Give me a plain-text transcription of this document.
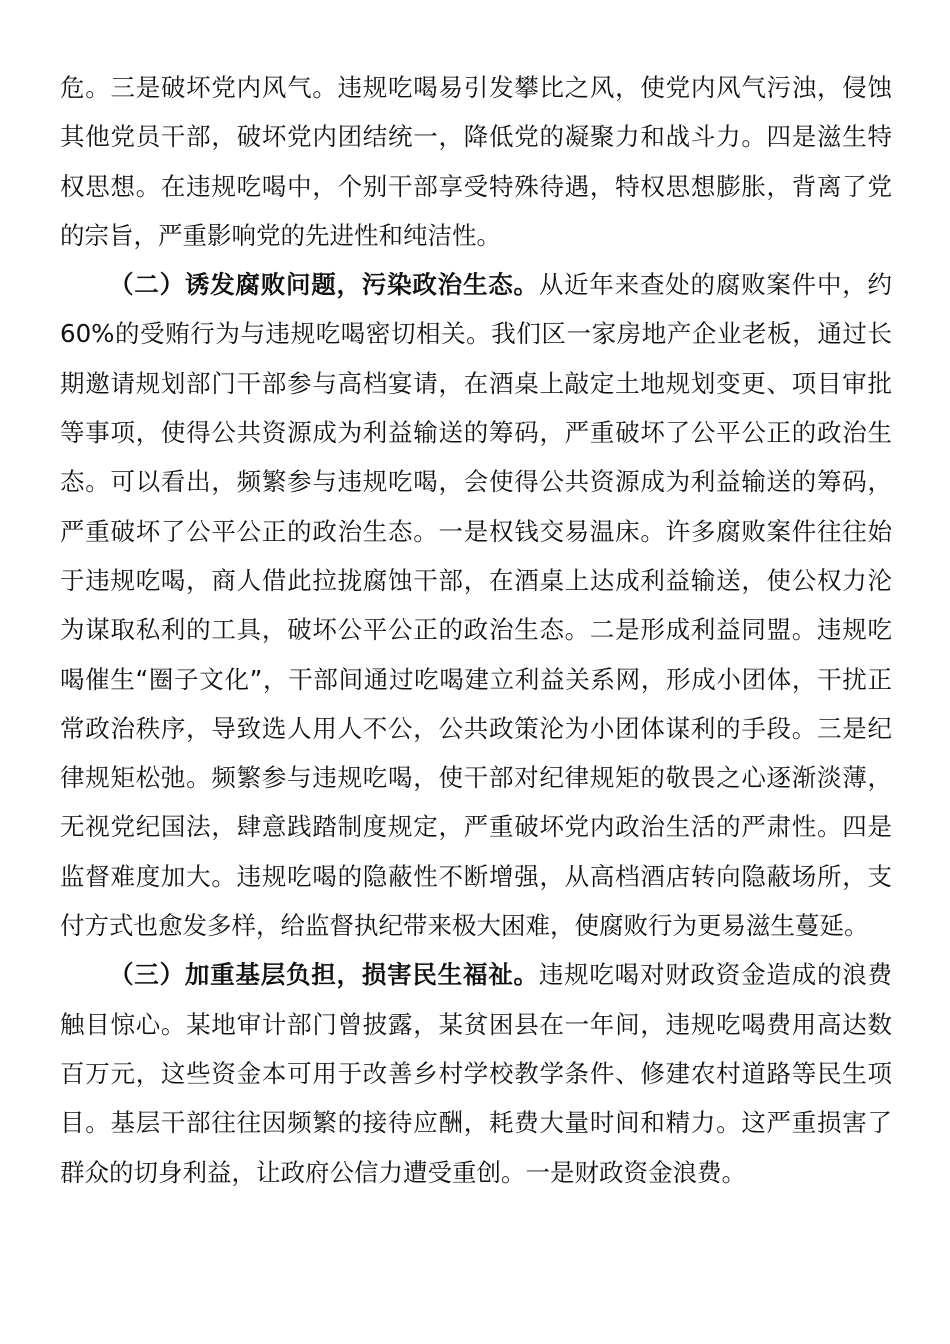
危。三是破坏党内风气。违规吃喝易引发攀比之风，使党内风气污浊，侵蚀其他党员干部，破坏党内团结统一，降低党的凝聚力和战斗力。四是滋生特权思想。在违规吃喝中，个别干部享受特殊待遇，特权思想膨胀，背离了党的宗旨，严重影响党的先进性和纯洁性。

（二）诱发腐败问题，污染政治生态。从近年来查处的腐败案件中，约 60%的受贿行为与违规吃喝密切相关。我们区一家房地产企业老板，通过长期邀请规划部门干部参与高档宴请，在酒桌上敲定土地规划变更、项目审批等事项，使得公共资源成为利益输送的筹码，严重破坏了公平公正的政治生态。可以看出，频繁参与违规吃喝，会使得公共资源成为利益输送的筹码，严重破坏了公平公正的政治生态。一是权钱交易温床。许多腐败案件往往始于违规吃喝，商人借此拉拢腐蚀干部，在酒桌上达成利益输送，使公权力沦为谋取私利的工具，破坏公平公正的政治生态。二是形成利益同盟。违规吃喝催生“圈子文化”，干部间通过吃喝建立利益关系网，形成小团体，干扰正常政治秩序，导致选人用人不公，公共政策沦为小团体谋利的手段。三是纪律规矩松弛。频繁参与违规吃喝，使干部对纪律规矩的敬畏之心逐渐淡薄，无视党纪国法，肆意践踏制度规定，严重破坏党内政治生活的严肃性。四是监督难度加大。违规吃喝的隐蔽性不断增强，从高档酒店转向隐蔽场所，支付方式也愈发多样，给监督执纪带来极大困难，使腐败行为更易滋生蔓延。

（三）加重基层负担，损害民生福祉。违规吃喝对财政资金造成的浪费触目惊心。某地审计部门曾披露，某贫困县在一年间，违规吃喝费用高达数百万元，这些资金本可用于改善乡村学校教学条件、修建农村道路等民生项目。基层干部往往因频繁的接待应酬，耗费大量时间和精力。这严重损害了群众的切身利益，让政府公信力遭受重创。一是财政资金浪费。
